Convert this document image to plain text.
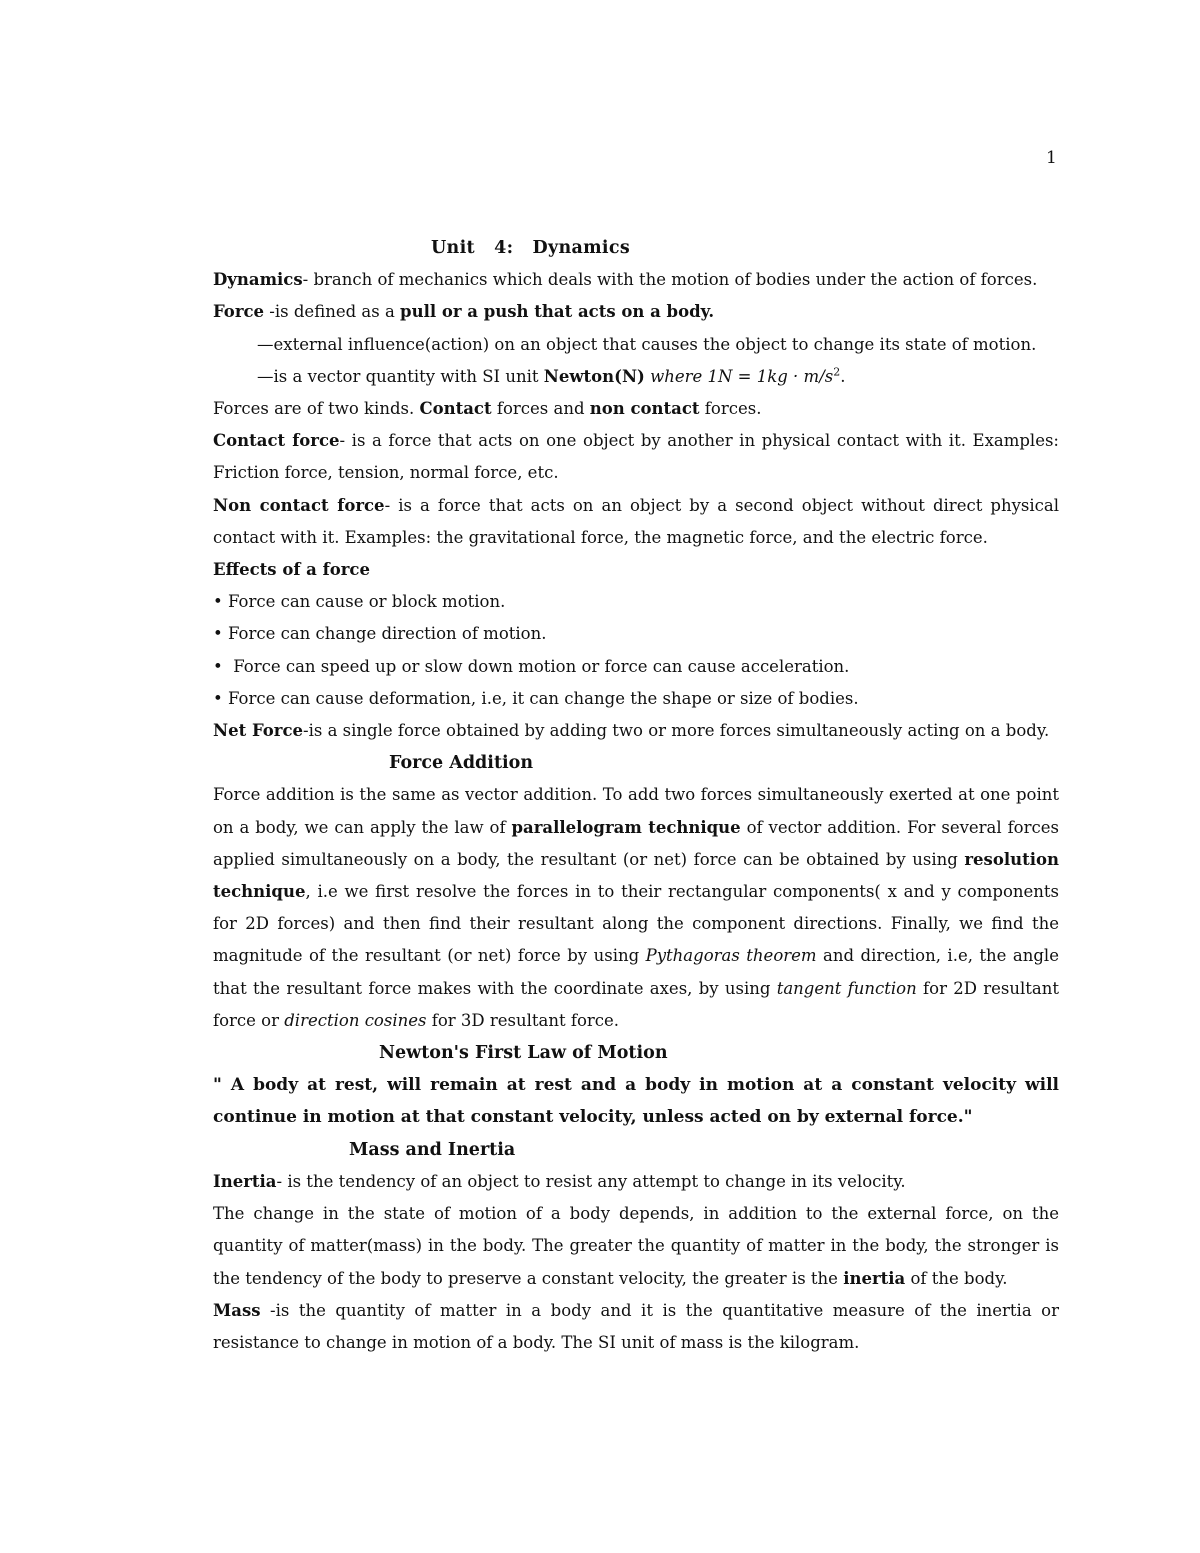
1

Unit   4:   Dynamics

Dynamics- branch of mechanics which deals with the motion of bodies under the action of forces.

Force -is defined as a pull or a push that acts on a body.

—external influence(action) on an object that causes the object to change its state of motion.

—is a vector quantity with SI unit Newton(N) where $1N = 1kg \cdot m/s^2$.

Forces are of two kinds. Contact forces and non contact forces.

Contact force- is a force that acts on one object by another in physical contact with it. Examples: Friction force, tension, normal force, etc.

Non contact force- is a force that acts on an object by a second object without direct physical contact with it. Examples: the gravitational force, the magnetic force, and the electric force.

Effects of a force

• Force can cause or block motion.

• Force can change direction of motion.

•  Force can speed up or slow down motion or force can cause acceleration.

• Force can cause deformation, i.e, it can change the shape or size of bodies.

Net Force-is a single force obtained by adding two or more forces simultaneously acting on a body.

Force Addition

Force addition is the same as vector addition. To add two forces simultaneously exerted at one point on a body, we can apply the law of parallelogram technique of vector addition. For several forces applied simultaneously on a body, the resultant (or net) force can be obtained by using resolution technique, i.e we first resolve the forces in to their rectangular components( x and y components for 2D forces) and then find their resultant along the component directions. Finally, we find the magnitude of the resultant (or net) force by using Pythagoras theorem and direction, i.e, the angle that the resultant force makes with the coordinate axes, by using tangent function for 2D resultant force or direction cosines for 3D resultant force.

Newton's First Law of Motion

" A body at rest, will remain at rest and a body in motion at a constant velocity will continue in motion at that constant velocity, unless acted on by external force."

Mass and Inertia

Inertia- is the tendency of an object to resist any attempt to change in its velocity.

The change in the state of motion of a body depends, in addition to the external force, on the quantity of matter(mass) in the body. The greater the quantity of matter in the body, the stronger is the tendency of the body to preserve a constant velocity, the greater is the inertia of the body.

Mass -is the quantity of matter in a body and it is the quantitative measure of the inertia or resistance to change in motion of a body. The SI unit of mass is the kilogram.
